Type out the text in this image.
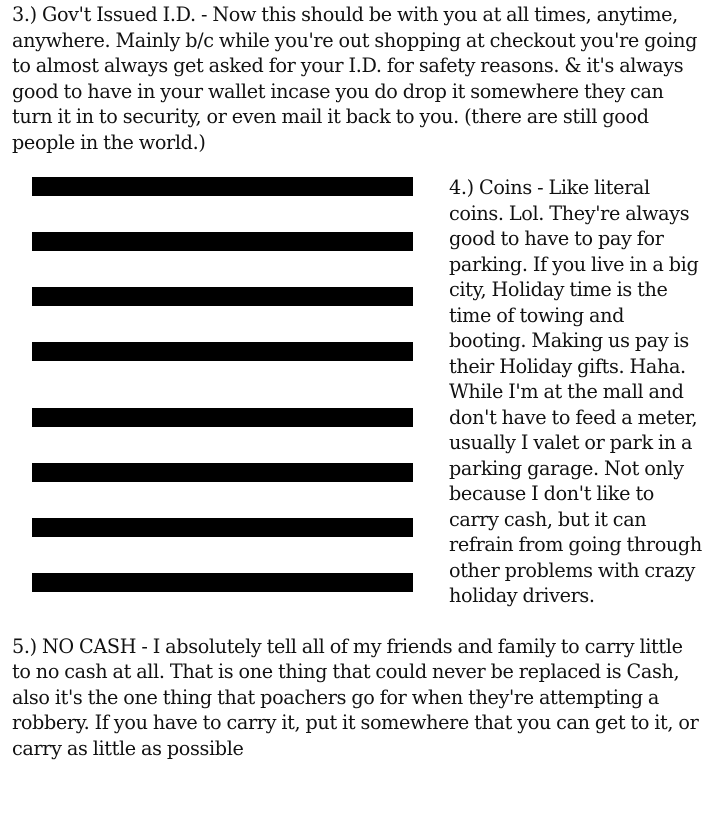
3.) Gov't Issued I.D. - Now this should be with you at all times, anytime, anywhere. Mainly b/c while you're out shopping at checkout you're going to almost always get asked for your I.D. for safety reasons. & it's always good to have in your wallet incase you do drop it somewhere they can turn it in to security, or even mail it back to you. (there are still good people in the world.)

4.) Coins - Like literal coins. Lol. They're always good to have to pay for parking. If you live in a big city, Holiday time is the time of towing and booting. Making us pay is their Holiday gifts. Haha. While I'm at the mall and don't have to feed a meter, usually I valet or park in a parking garage. Not only because I don't like to carry cash, but it can refrain from going through other problems with crazy holiday drivers.

5.) NO CASH - I absolutely tell all of my friends and family to carry little to no cash at all. That is one thing that could never be replaced is Cash, also it's the one thing that poachers go for when they're attempting a robbery. If you have to carry it, put it somewhere that you can get to it, or carry as little as possible
